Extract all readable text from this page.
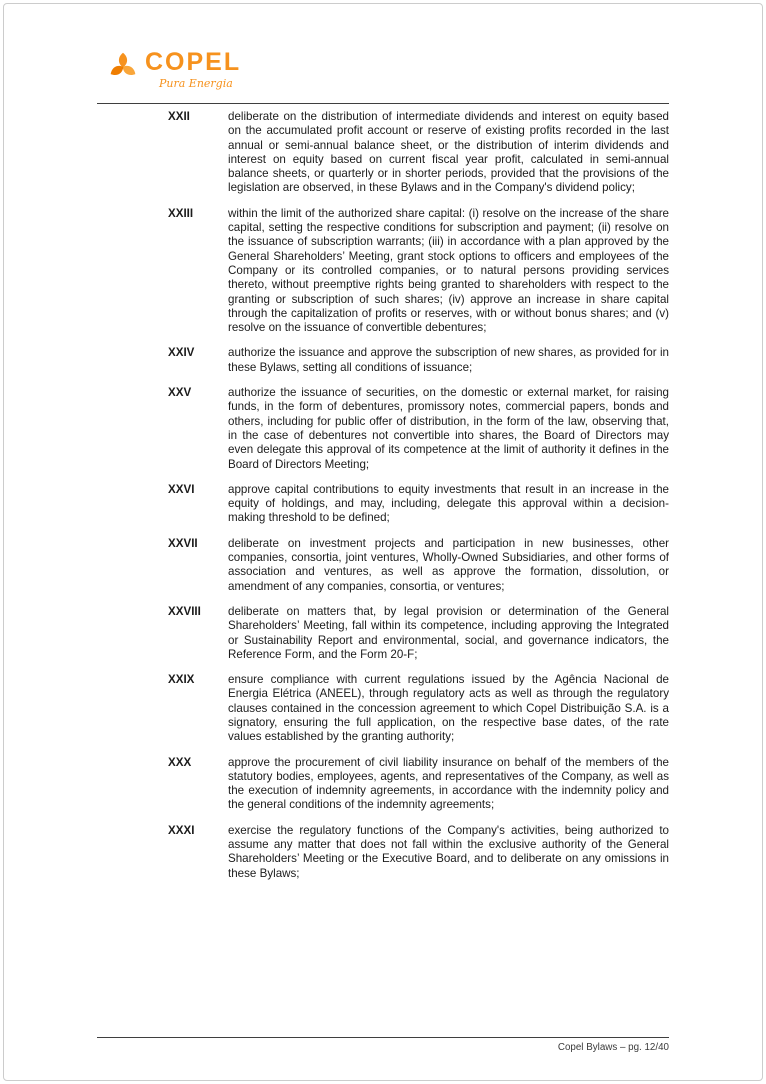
COPEL
Pura Energia
XXII	deliberate on the distribution of intermediate dividends and interest on equity based on the accumulated profit account or reserve of existing profits recorded in the last annual or semi-annual balance sheet, or the distribution of interim dividends and interest on equity based on current fiscal year profit, calculated in semi-annual balance sheets, or quarterly or in shorter periods, provided that the provisions of the legislation are observed, in these Bylaws and in the Company's dividend policy;
XXIII	within the limit of the authorized share capital: (i) resolve on the increase of the share capital, setting the respective conditions for subscription and payment; (ii) resolve on the issuance of subscription warrants; (iii) in accordance with a plan approved by the General Shareholders’ Meeting, grant stock options to officers and employees of the Company or its controlled companies, or to natural persons providing services thereto, without preemptive rights being granted to shareholders with respect to the granting or subscription of such shares; (iv) approve an increase in share capital through the capitalization of profits or reserves, with or without bonus shares; and (v) resolve on the issuance of convertible debentures;
XXIV	authorize the issuance and approve the subscription of new shares, as provided for in these Bylaws, setting all conditions of issuance;
XXV	authorize the issuance of securities, on the domestic or external market, for raising funds, in the form of debentures, promissory notes, commercial papers, bonds and others, including for public offer of distribution, in the form of the law, observing that, in the case of debentures not convertible into shares, the Board of Directors may even delegate this approval of its competence at the limit of authority it defines in the Board of Directors Meeting;
XXVI	approve capital contributions to equity investments that result in an increase in the equity of holdings, and may, including, delegate this approval within a decision-making threshold to be defined;
XXVII	deliberate on investment projects and participation in new businesses, other companies, consortia, joint ventures, Wholly-Owned Subsidiaries, and other forms of association and ventures, as well as approve the formation, dissolution, or amendment of any companies, consortia, or ventures;
XXVIII	deliberate on matters that, by legal provision or determination of the General Shareholders’ Meeting, fall within its competence, including approving the Integrated or Sustainability Report and environmental, social, and governance indicators, the Reference Form, and the Form 20-F;
XXIX	ensure compliance with current regulations issued by the Agência Nacional de Energia Elétrica (ANEEL), through regulatory acts as well as through the regulatory clauses contained in the concession agreement to which Copel Distribuição S.A. is a signatory, ensuring the full application, on the respective base dates, of the rate values established by the granting authority;
XXX	approve the procurement of civil liability insurance on behalf of the members of the statutory bodies, employees, agents, and representatives of the Company, as well as the execution of indemnity agreements, in accordance with the indemnity policy and the general conditions of the indemnity agreements;
XXXI	exercise the regulatory functions of the Company's activities, being authorized to assume any matter that does not fall within the exclusive authority of the General Shareholders’ Meeting or the Executive Board, and to deliberate on any omissions in these Bylaws;
Copel Bylaws – pg. 12/40
